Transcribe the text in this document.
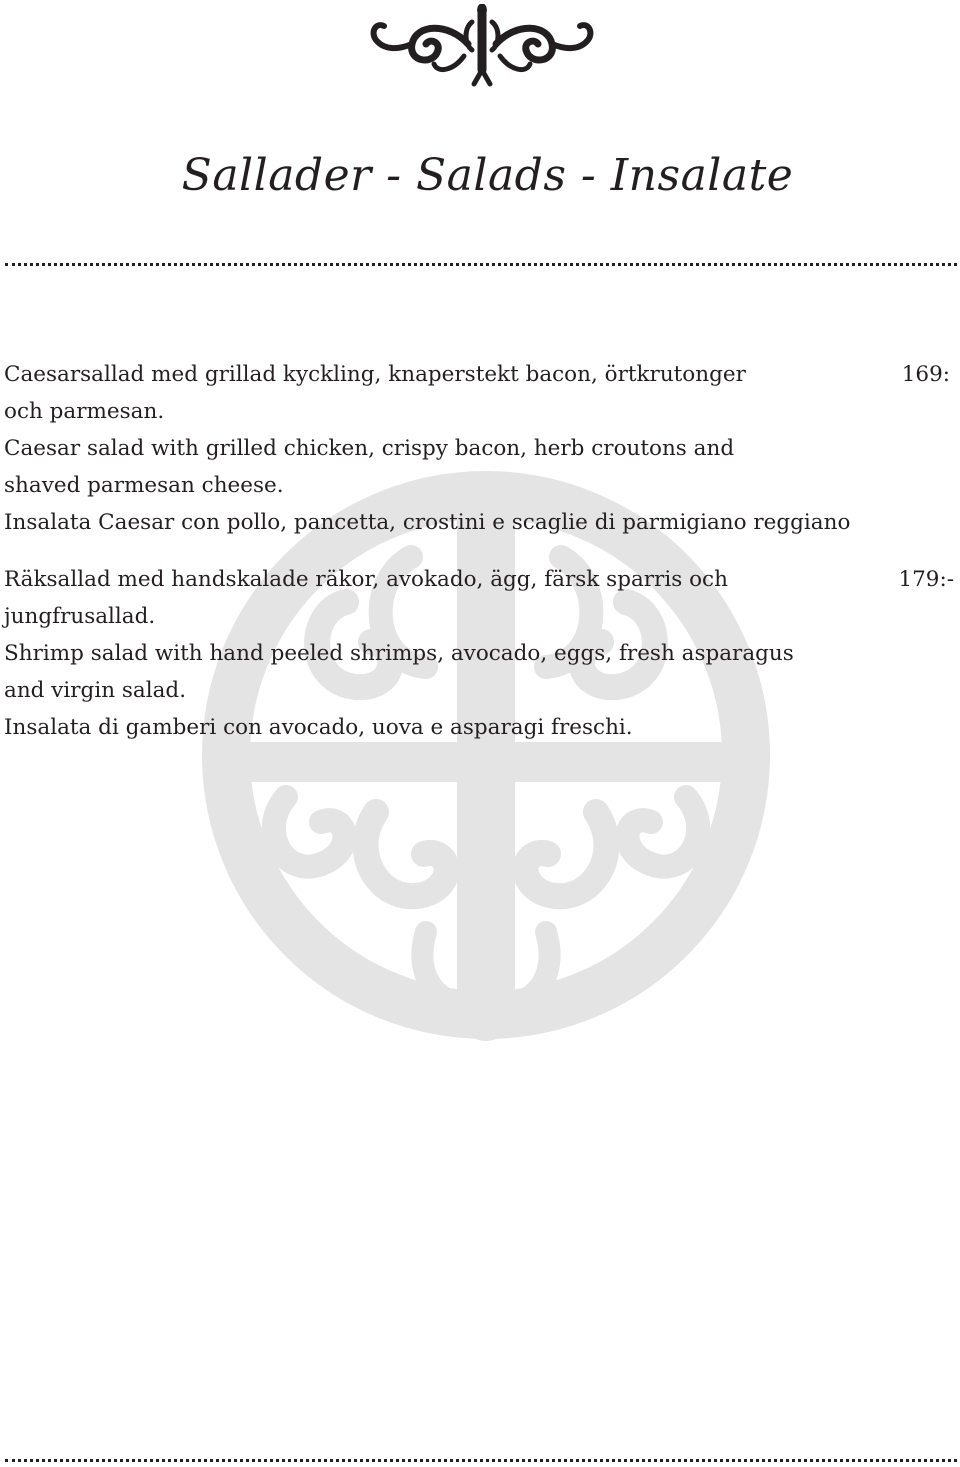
Sallader - Salads - Insalate
Caesarsallad med grillad kyckling, knaperstekt bacon, örtkrutonger
och parmesan.
Caesar salad with grilled chicken, crispy bacon, herb croutons and
shaved parmesan cheese.
Insalata Caesar con pollo, pancetta, crostini e scaglie di parmigiano reggiano
169:
Räksallad med handskalade räkor, avokado, ägg, färsk sparris och
jungfrusallad.
Shrimp salad with hand peeled shrimps, avocado, eggs, fresh asparagus
and virgin salad.
Insalata di gamberi con avocado, uova e asparagi freschi.
179:-
